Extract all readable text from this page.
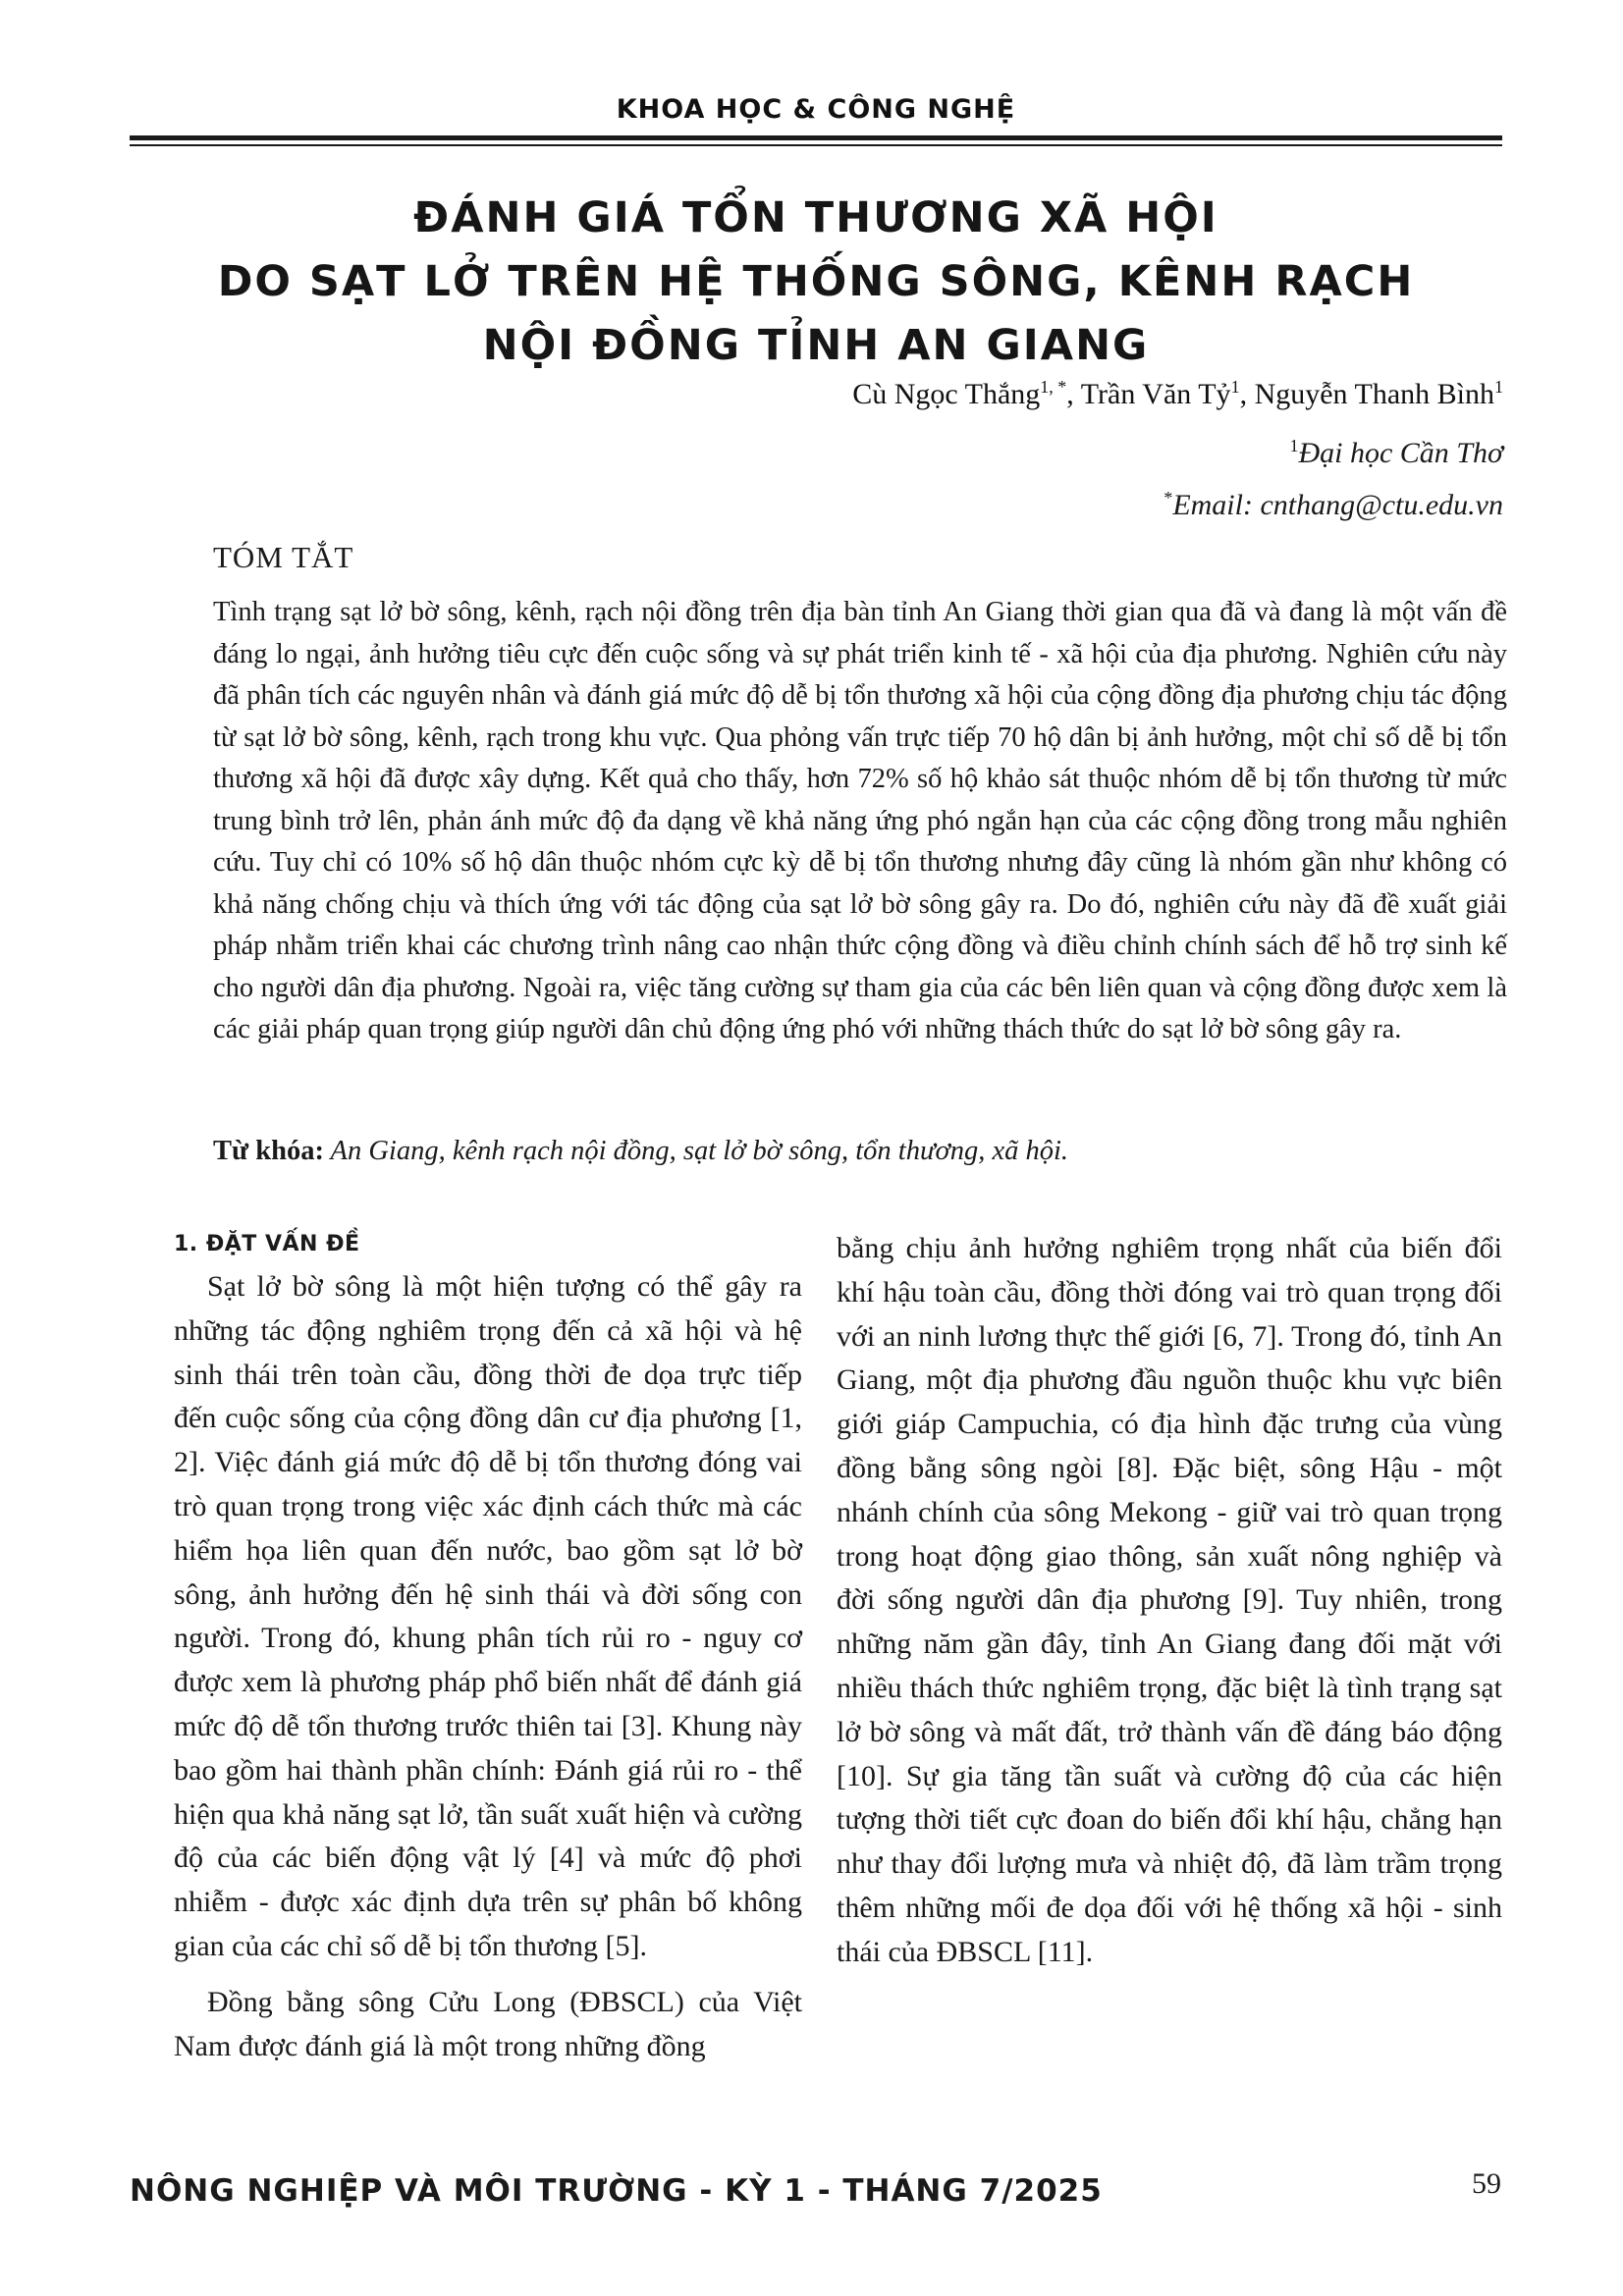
KHOA HỌC & CÔNG NGHỆ
ĐÁNH GIÁ TỔN THƯƠNG XÃ HỘI
DO SẠT LỞ TRÊN HỆ THỐNG SÔNG, KÊNH RẠCH
NỘI ĐỒNG TỈNH AN GIANG
Cù Ngọc Thắng$^{1, *}$, Trần Văn Tỷ$^1$, Nguyễn Thanh Bình$^1$
$^1$Đại học Cần Thơ
*Email: cnthang@ctu.edu.vn
TÓM TẮT

Tình trạng sạt lở bờ sông, kênh, rạch nội đồng trên địa bàn tỉnh An Giang thời gian qua đã và đang là một vấn đề đáng lo ngại, ảnh hưởng tiêu cực đến cuộc sống và sự phát triển kinh tế - xã hội của địa phương. Nghiên cứu này đã phân tích các nguyên nhân và đánh giá mức độ dễ bị tổn thương xã hội của cộng đồng địa phương chịu tác động từ sạt lở bờ sông, kênh, rạch trong khu vực. Qua phỏng vấn trực tiếp 70 hộ dân bị ảnh hưởng, một chỉ số dễ bị tổn thương xã hội đã được xây dựng. Kết quả cho thấy, hơn 72% số hộ khảo sát thuộc nhóm dễ bị tổn thương từ mức trung bình trở lên, phản ánh mức độ đa dạng về khả năng ứng phó ngắn hạn của các cộng đồng trong mẫu nghiên cứu. Tuy chỉ có 10% số hộ dân thuộc nhóm cực kỳ dễ bị tổn thương nhưng đây cũng là nhóm gần như không có khả năng chống chịu và thích ứng với tác động của sạt lở bờ sông gây ra. Do đó, nghiên cứu này đã đề xuất giải pháp nhằm triển khai các chương trình nâng cao nhận thức cộng đồng và điều chỉnh chính sách để hỗ trợ sinh kế cho người dân địa phương. Ngoài ra, việc tăng cường sự tham gia của các bên liên quan và cộng đồng được xem là các giải pháp quan trọng giúp người dân chủ động ứng phó với những thách thức do sạt lở bờ sông gây ra.

Từ khóa: An Giang, kênh rạch nội đồng, sạt lở bờ sông, tổn thương, xã hội.
1. ĐẶT VẤN ĐỀ

Sạt lở bờ sông là một hiện tượng có thể gây ra những tác động nghiêm trọng đến cả xã hội và hệ sinh thái trên toàn cầu, đồng thời đe dọa trực tiếp đến cuộc sống của cộng đồng dân cư địa phương [1, 2]. Việc đánh giá mức độ dễ bị tổn thương đóng vai trò quan trọng trong việc xác định cách thức mà các hiểm họa liên quan đến nước, bao gồm sạt lở bờ sông, ảnh hưởng đến hệ sinh thái và đời sống con người. Trong đó, khung phân tích rủi ro - nguy cơ được xem là phương pháp phổ biến nhất để đánh giá mức độ dễ tổn thương trước thiên tai [3]. Khung này bao gồm hai thành phần chính: Đánh giá rủi ro - thể hiện qua khả năng sạt lở, tần suất xuất hiện và cường độ của các biến động vật lý [4] và mức độ phơi nhiễm - được xác định dựa trên sự phân bố không gian của các chỉ số dễ bị tổn thương [5].

Đồng bằng sông Cửu Long (ĐBSCL) của Việt Nam được đánh giá là một trong những đồng

bằng chịu ảnh hưởng nghiêm trọng nhất của biến đổi khí hậu toàn cầu, đồng thời đóng vai trò quan trọng đối với an ninh lương thực thế giới [6, 7]. Trong đó, tỉnh An Giang, một địa phương đầu nguồn thuộc khu vực biên giới giáp Campuchia, có địa hình đặc trưng của vùng đồng bằng sông ngòi [8]. Đặc biệt, sông Hậu - một nhánh chính của sông Mekong - giữ vai trò quan trọng trong hoạt động giao thông, sản xuất nông nghiệp và đời sống người dân địa phương [9]. Tuy nhiên, trong những năm gần đây, tỉnh An Giang đang đối mặt với nhiều thách thức nghiêm trọng, đặc biệt là tình trạng sạt lở bờ sông và mất đất, trở thành vấn đề đáng báo động [10]. Sự gia tăng tần suất và cường độ của các hiện tượng thời tiết cực đoan do biến đổi khí hậu, chẳng hạn như thay đổi lượng mưa và nhiệt độ, đã làm trầm trọng thêm những mối đe dọa đối với hệ thống xã hội - sinh thái của ĐBSCL [11].

NÔNG NGHIỆP VÀ MÔI TRƯỜNG - KỲ 1 - THÁNG 7/2025	59
